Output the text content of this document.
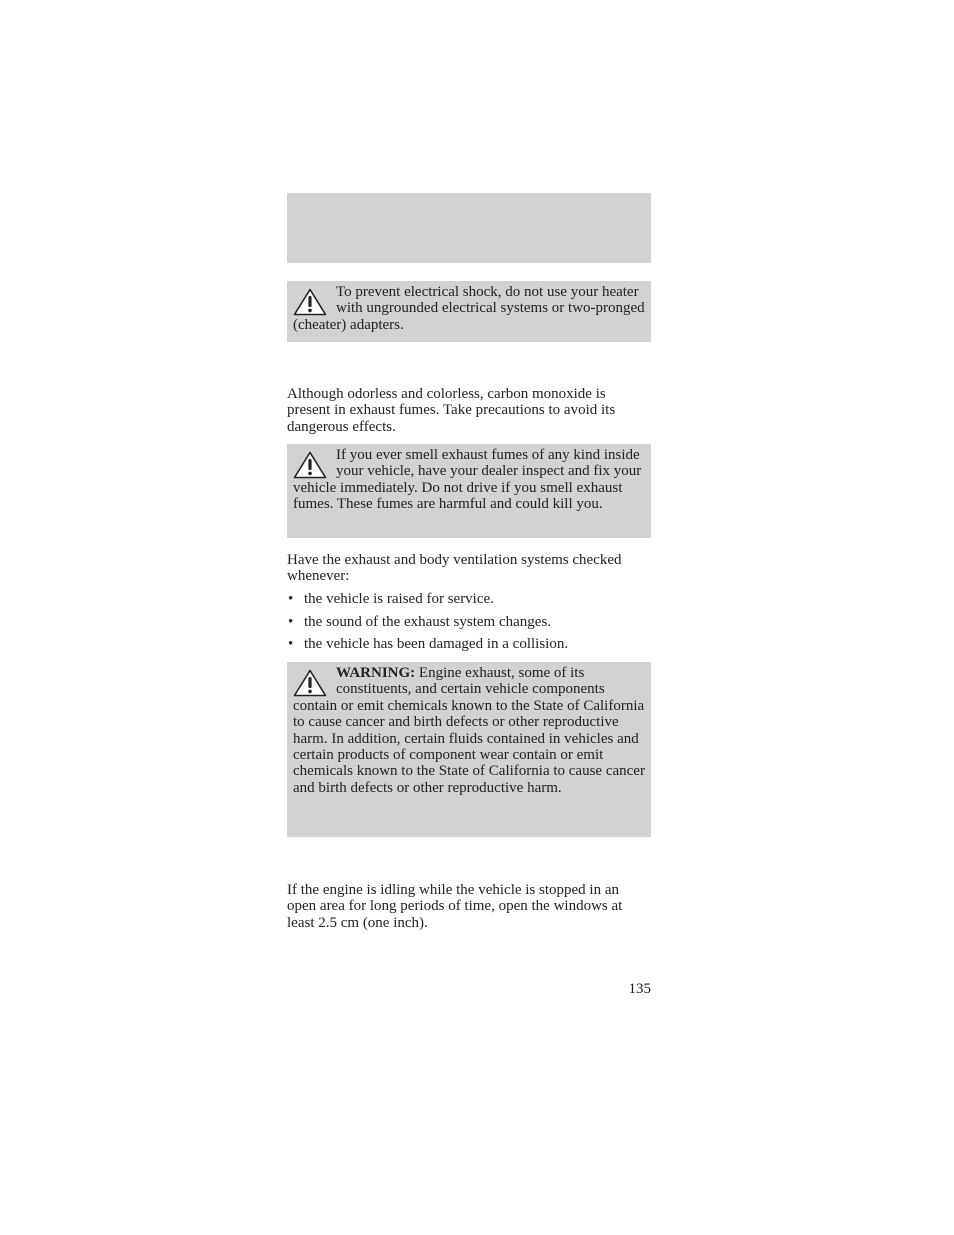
To prevent electrical shock, do not use your heater with ungrounded electrical systems or two-pronged (cheater) adapters.
Although odorless and colorless, carbon monoxide is present in exhaust fumes. Take precautions to avoid its dangerous effects.
If you ever smell exhaust fumes of any kind inside your vehicle, have your dealer inspect and fix your vehicle immediately. Do not drive if you smell exhaust fumes. These fumes are harmful and could kill you.
Have the exhaust and body ventilation systems checked whenever:
• the vehicle is raised for service.
• the sound of the exhaust system changes.
• the vehicle has been damaged in a collision.
WARNING: Engine exhaust, some of its constituents, and certain vehicle components contain or emit chemicals known to the State of California to cause cancer and birth defects or other reproductive harm. In addition, certain fluids contained in vehicles and certain products of component wear contain or emit chemicals known to the State of California to cause cancer and birth defects or other reproductive harm.
If the engine is idling while the vehicle is stopped in an open area for long periods of time, open the windows at least 2.5 cm (one inch).
135
